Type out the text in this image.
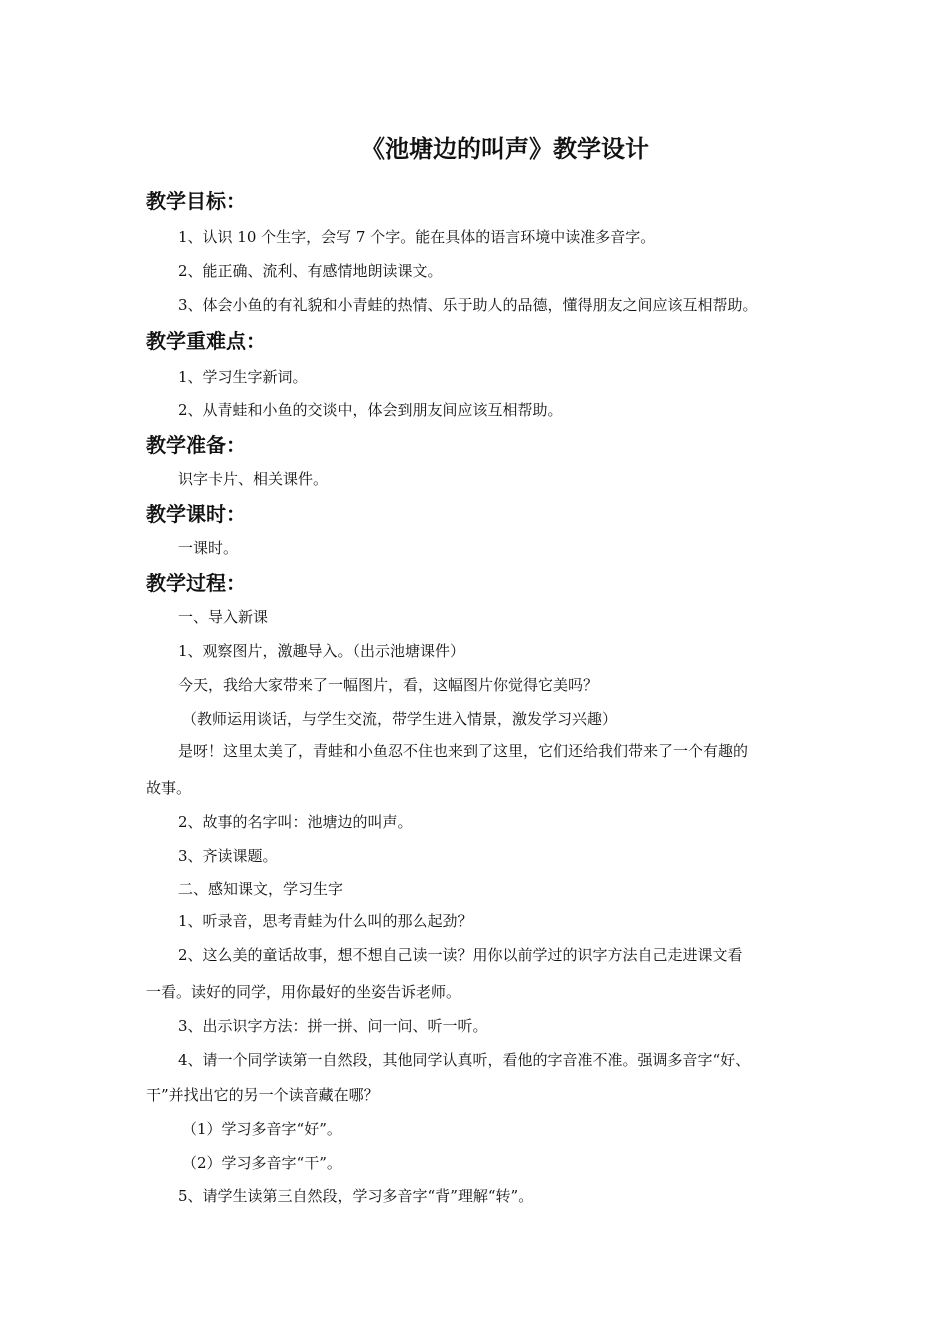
《池塘边的叫声》教学设计
教学目标：
1、认识 10 个生字，会写 7 个字。能在具体的语言环境中读准多音字。
2、能正确、流利、有感情地朗读课文。
3、体会小鱼的有礼貌和小青蛙的热情、乐于助人的品德，懂得朋友之间应该互相帮助。
教学重难点：
1、学习生字新词。
2、从青蛙和小鱼的交谈中，体会到朋友间应该互相帮助。
教学准备：
识字卡片、相关课件。
教学课时：
一课时。
教学过程：
一、导入新课
1、观察图片，激趣导入。（出示池塘课件）
今天，我给大家带来了一幅图片，看，这幅图片你觉得它美吗？
（教师运用谈话，与学生交流，带学生进入情景，激发学习兴趣）
是呀！这里太美了，青蛙和小鱼忍不住也来到了这里，它们还给我们带来了一个有趣的
故事。
2、故事的名字叫：池塘边的叫声。
3、齐读课题。
二、感知课文，学习生字
1、听录音，思考青蛙为什么叫的那么起劲？
2、这么美的童话故事，想不想自己读一读？用你以前学过的识字方法自己走进课文看
一看。读好的同学，用你最好的坐姿告诉老师。
3、出示识字方法：拼一拼、问一问、听一听。
4、请一个同学读第一自然段，其他同学认真听，看他的字音准不准。强调多音字“好、
干”并找出它的另一个读音藏在哪？
（1）学习多音字“好”。
（2）学习多音字“干”。
5、请学生读第三自然段，学习多音字“背”理解“转”。
